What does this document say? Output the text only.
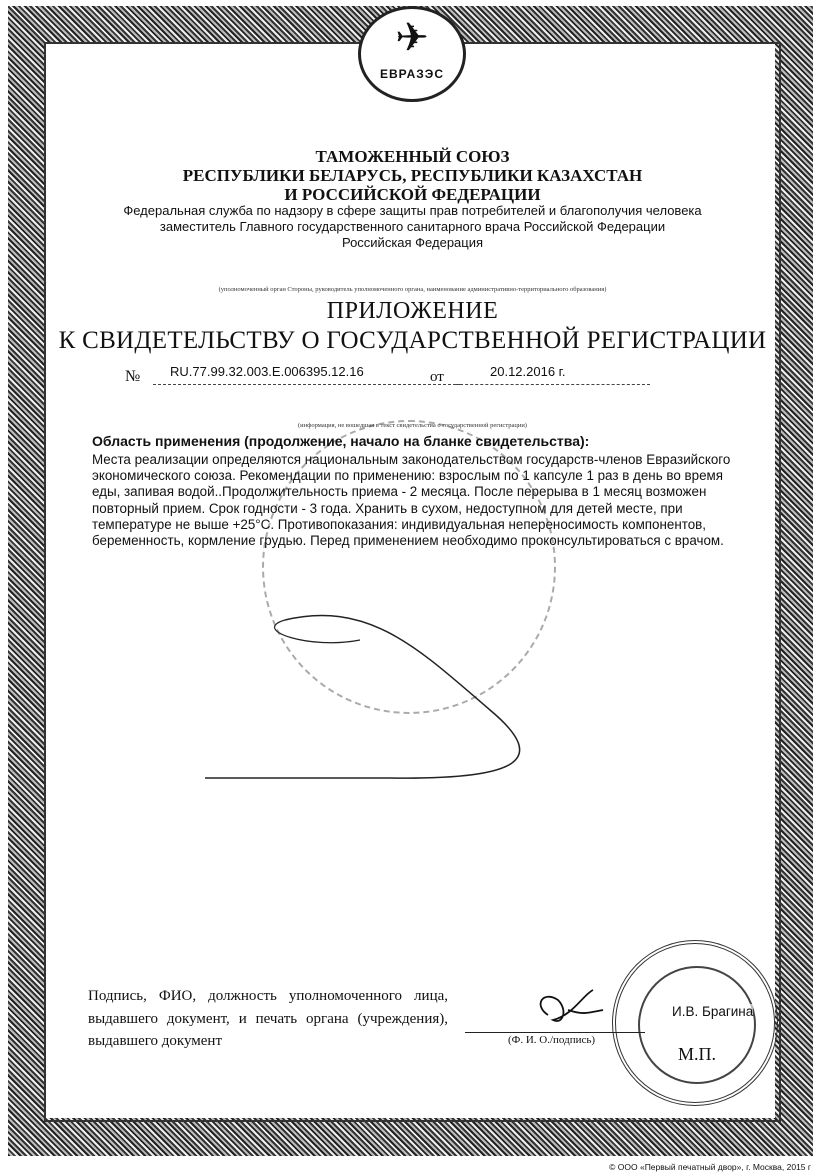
✈
ЕВРАЗЭС
ТАМОЖЕННЫЙ СОЮЗ
РЕСПУБЛИКИ БЕЛАРУСЬ, РЕСПУБЛИКИ КАЗАХСТАН
И РОССИЙСКОЙ ФЕДЕРАЦИИ
Федеральная служба по надзору в сфере защиты прав потребителей и благополучия человека
заместитель Главного государственного санитарного врача Российской Федерации
Российская Федерация
(уполномоченный орган Стороны, руководитель уполномоченного органа, наименование административно-территориального образования)
ПРИЛОЖЕНИЕ
К СВИДЕТЕЛЬСТВУ О ГОСУДАРСТВЕННОЙ РЕГИСТРАЦИИ
№ RU.77.99.32.003.E.006395.12.16	от	20.12.2016 г.
(информация, не вошедшая в текст свидетельства о государственной регистрации)
Область применения (продолжение, начало на бланке свидетельства):
Места реализации определяются национальным законодательством государств-членов Евразийского экономического союза. Рекомендации по применению: взрослым по 1 капсуле 1 раз в день во время еды, запивая водой..Продолжительность приема - 2 месяца. После перерыва в 1 месяц возможен повторный прием. Срок годности - 3 года. Хранить в сухом, недоступном для детей месте, при температуре не выше +25°С. Противопоказания: индивидуальная непереносимость компонентов, беременность, кормление грудью. Перед применением необходимо проконсультироваться с врачом.
Подпись, ФИО, должность уполномоченного лица, выдавшего документ, и печать органа (учреждения), выдавшего документ
М.П.
И.В. Брагина
(Ф. И. О./подпись)
© ООО «Первый печатный двор», г. Москва, 2015 г
